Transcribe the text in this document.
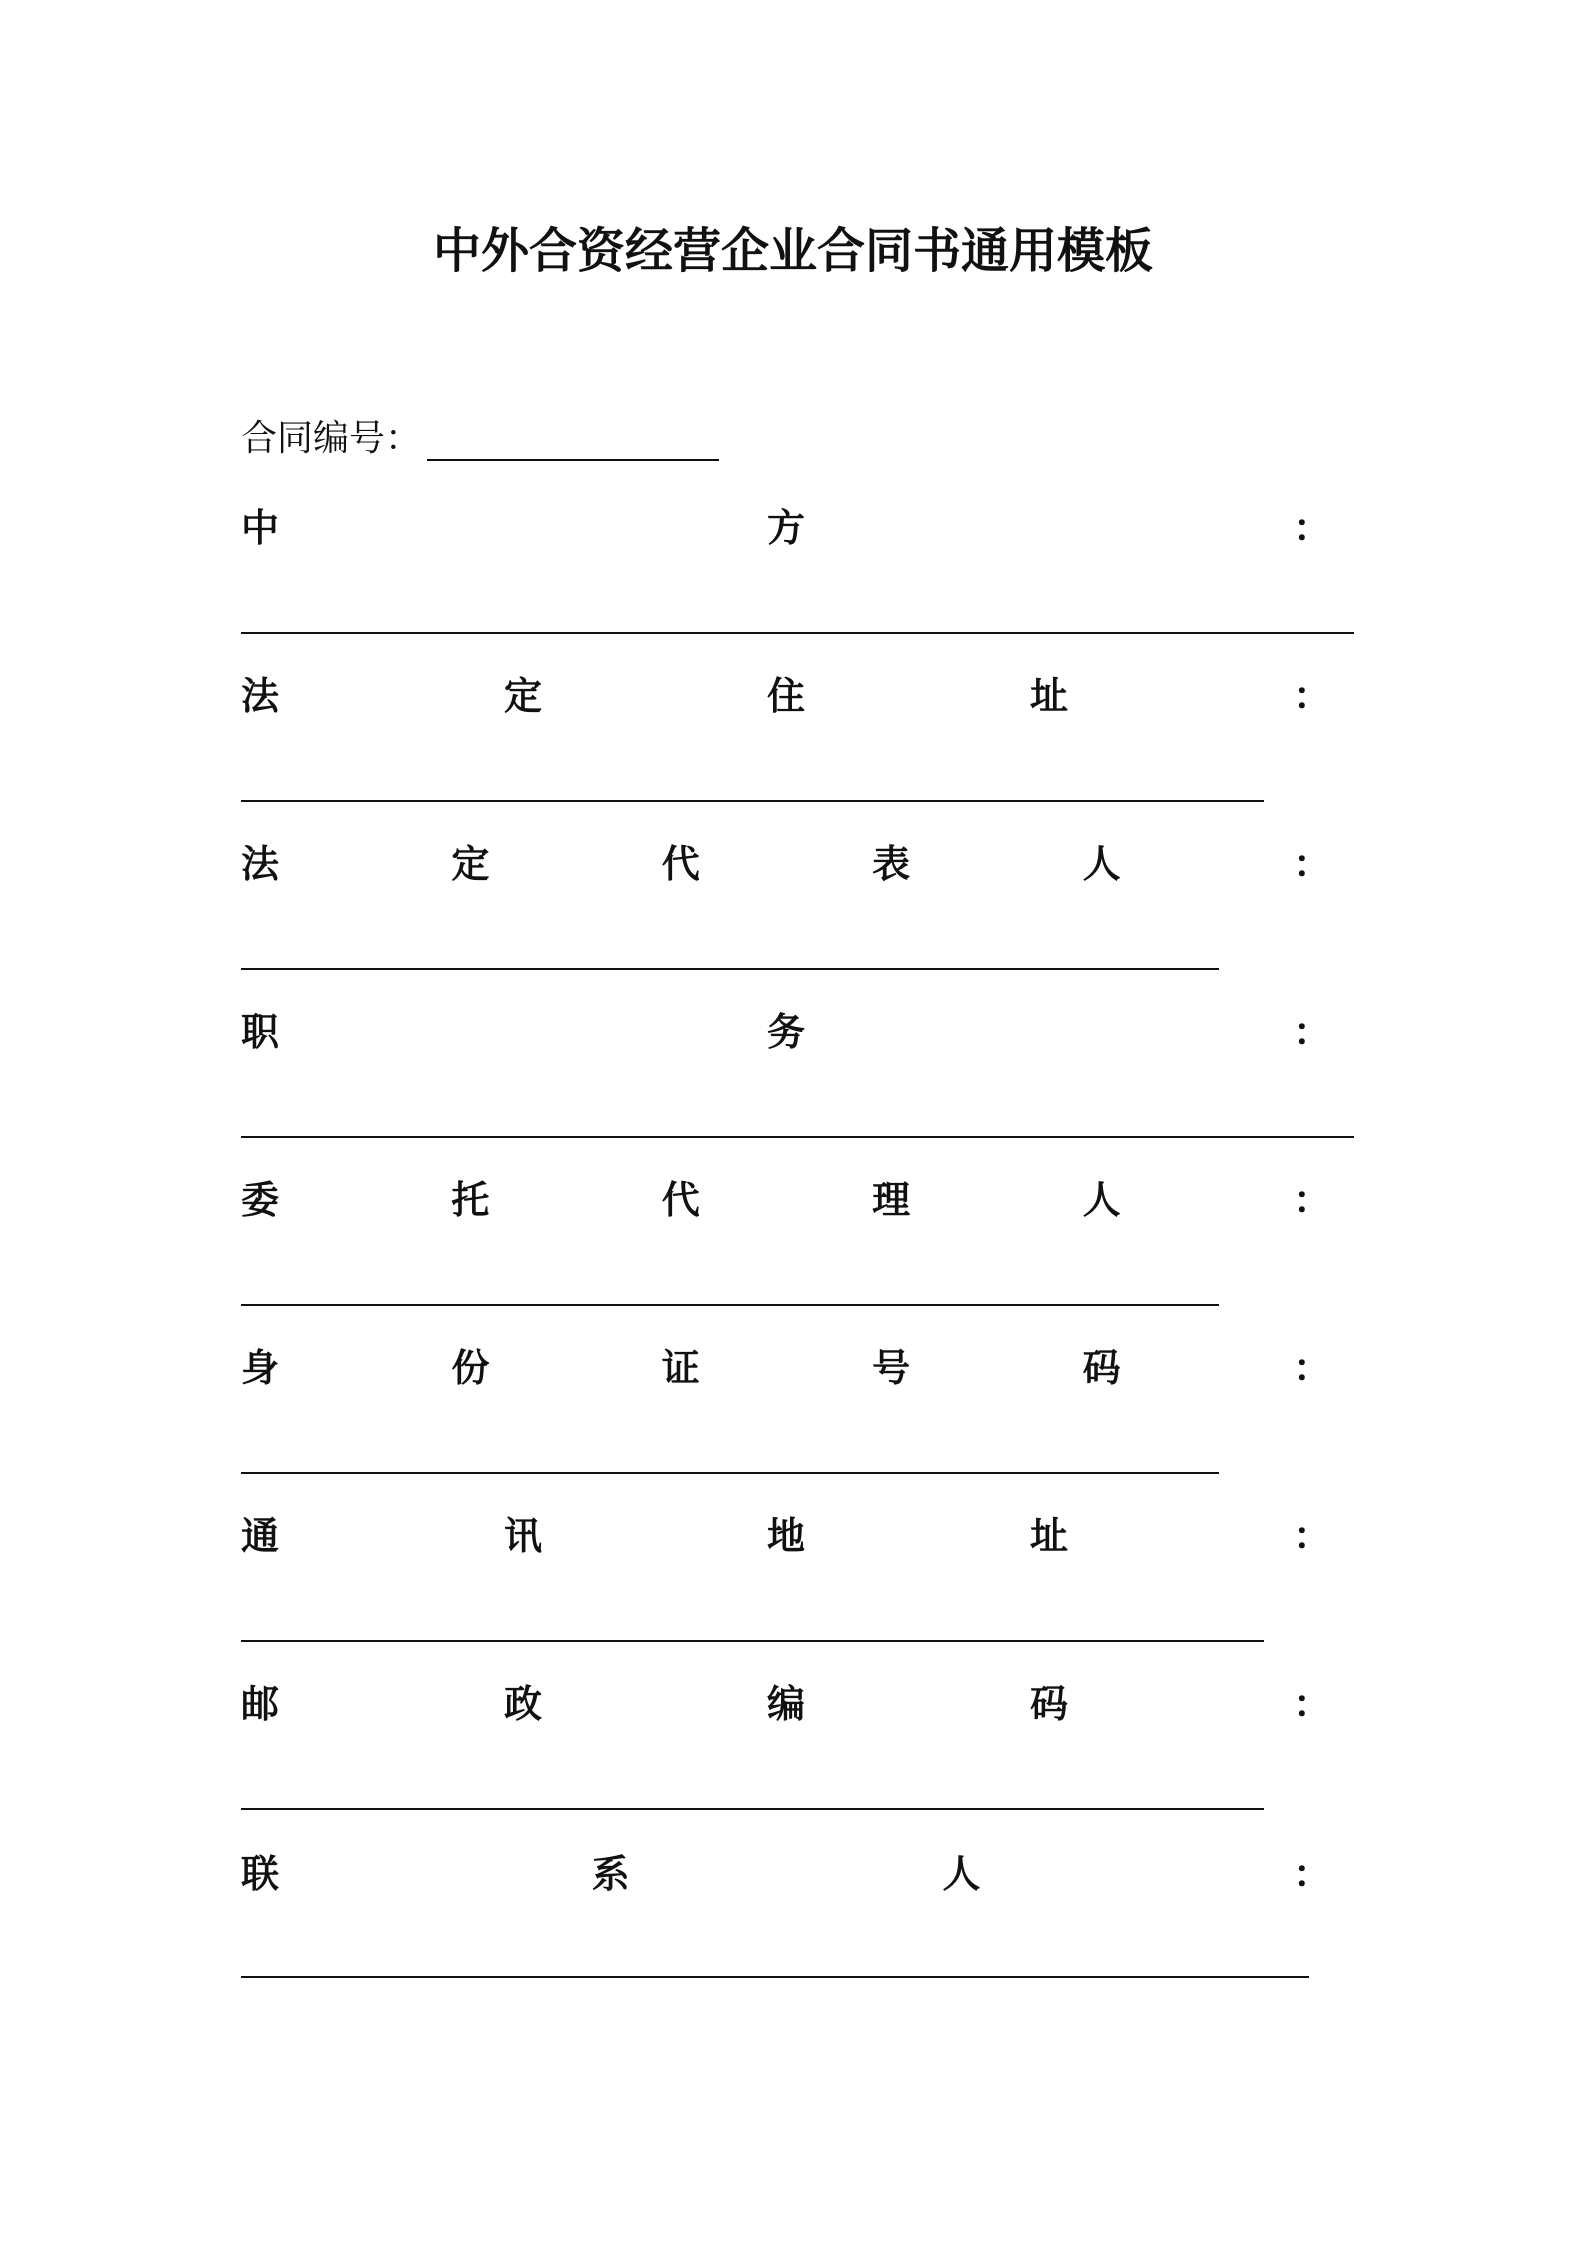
中外合资经营企业合同书通用模板
合同编号：
中	方	：
法	定	住	址	：
法	定	代	表	人	：
职	务	：
委	托	代	理	人	：
身	份	证	号	码	：
通	讯	地	址	：
邮	政	编	码	：
联	系	人	：
